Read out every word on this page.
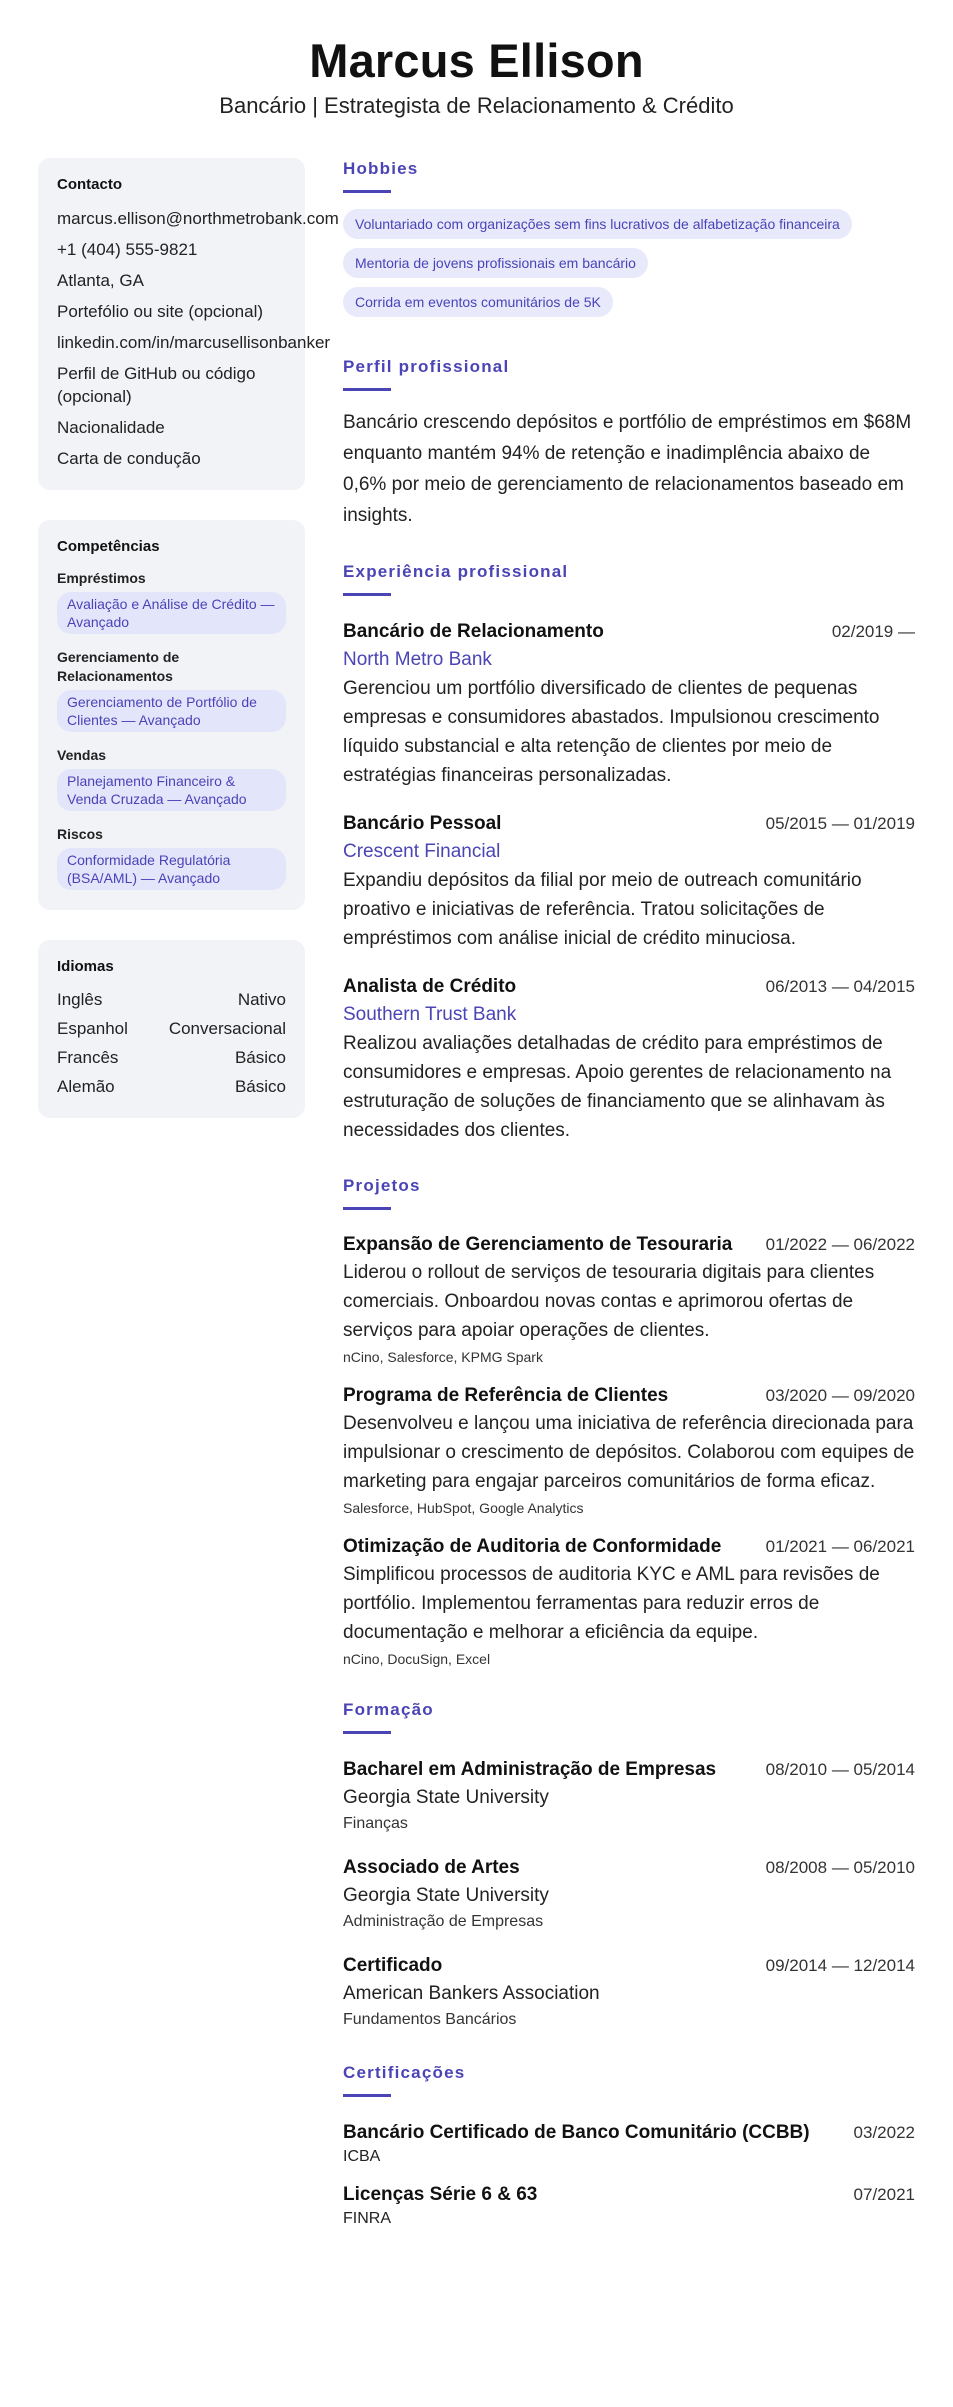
Marcus Ellison
Bancário | Estrategista de Relacionamento & Crédito
Contacto
marcus.ellison@northmetrobank.com
+1 (404) 555-9821
Atlanta, GA
Portefólio ou site (opcional)
linkedin.com/in/marcusellisonbanker
Perfil de GitHub ou código (opcional)
Nacionalidade
Carta de condução
Competências
Empréstimos
Avaliação e Análise de Crédito — Avançado
Gerenciamento de Relacionamentos
Gerenciamento de Portfólio de Clientes — Avançado
Vendas
Planejamento Financeiro & Venda Cruzada — Avançado
Riscos
Conformidade Regulatória (BSA/AML) — Avançado
Idiomas
Inglês	Nativo
Espanhol Conversacional
Francês	Básico
Alemão	Básico
Hobbies
Voluntariado com organizações sem fins lucrativos de alfabetização financeira
Mentoria de jovens profissionais em bancário
Corrida em eventos comunitários de 5K
Perfil profissional
Bancário crescendo depósitos e portfólio de empréstimos em $68M enquanto mantém 94% de retenção e inadimplência abaixo de 0,6% por meio de gerenciamento de relacionamentos baseado em insights.
Experiência profissional
Bancário de Relacionamento	02/2019 —
North Metro Bank
Gerenciou um portfólio diversificado de clientes de pequenas empresas e consumidores abastados. Impulsionou crescimento líquido substancial e alta retenção de clientes por meio de estratégias financeiras personalizadas.
Bancário Pessoal	05/2015 — 01/2019
Crescent Financial
Expandiu depósitos da filial por meio de outreach comunitário proativo e iniciativas de referência. Tratou solicitações de empréstimos com análise inicial de crédito minuciosa.
Analista de Crédito	06/2013 — 04/2015
Southern Trust Bank
Realizou avaliações detalhadas de crédito para empréstimos de consumidores e empresas. Apoio gerentes de relacionamento na estruturação de soluções de financiamento que se alinhavam às necessidades dos clientes.
Projetos
Expansão de Gerenciamento de Tesouraria 01/2022 — 06/2022
Liderou o rollout de serviços de tesouraria digitais para clientes comerciais. Onboardou novas contas e aprimorou ofertas de serviços para apoiar operações de clientes.
nCino, Salesforce, KPMG Spark
Programa de Referência de Clientes	03/2020 — 09/2020
Desenvolveu e lançou uma iniciativa de referência direcionada para impulsionar o crescimento de depósitos. Colaborou com equipes de marketing para engajar parceiros comunitários de forma eficaz.
Salesforce, HubSpot, Google Analytics
Otimização de Auditoria de Conformidade	01/2021 — 06/2021
Simplificou processos de auditoria KYC e AML para revisões de portfólio. Implementou ferramentas para reduzir erros de documentação e melhorar a eficiência da equipe.
nCino, DocuSign, Excel
Formação
Bacharel em Administração de Empresas	08/2010 — 05/2014
Georgia State University
Finanças
Associado de Artes	08/2008 — 05/2010
Georgia State University
Administração de Empresas
Certificado	09/2014 — 12/2014
American Bankers Association
Fundamentos Bancários
Certificações
Bancário Certificado de Banco Comunitário (CCBB)	03/2022
ICBA
Licenças Série 6 & 63	07/2021
FINRA
